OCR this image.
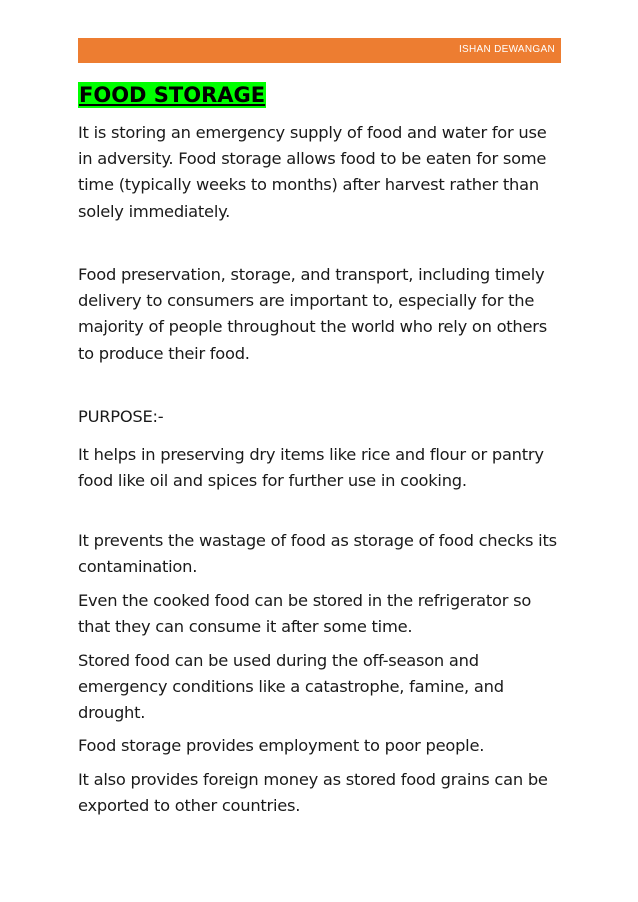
ISHAN DEWANGAN
FOOD STORAGE

It is storing an emergency supply of food and water for use in adversity. Food storage allows food to be eaten for some time (typically weeks to months) after harvest rather than solely immediately.

Food preservation, storage, and transport, including timely delivery to consumers are important to, especially for the majority of people throughout the world who rely on others to produce their food.

PURPOSE:-

It helps in preserving dry items like rice and flour or pantry food like oil and spices for further use in cooking.

It prevents the wastage of food as storage of food checks its contamination.

Even the cooked food can be stored in the refrigerator so that they can consume it after some time.

Stored food can be used during the off-season and emergency conditions like a catastrophe, famine, and drought.

Food storage provides employment to poor people.

It also provides foreign money as stored food grains can be exported to other countries.
